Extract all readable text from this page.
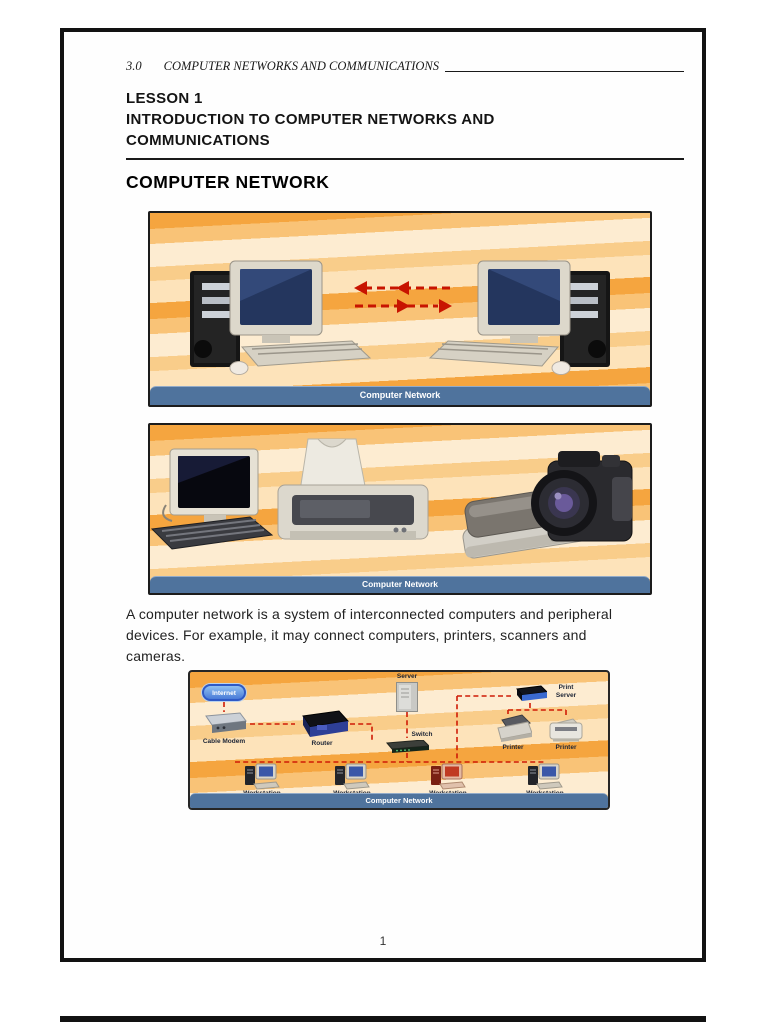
3.0 COMPUTER NETWORKS AND COMMUNICATIONS
LESSON 1
INTRODUCTION TO COMPUTER NETWORKS AND
COMMUNICATIONS
COMPUTER NETWORK
Computer Network
Computer Network
A computer network is a system of interconnected computers and peripheral
devices. For example, it may connect computers, printers, scanners and
cameras.
Internet
Cable Modem	Router
Server
Switch
Print Server
Printer	Printer
Computer Network
1
